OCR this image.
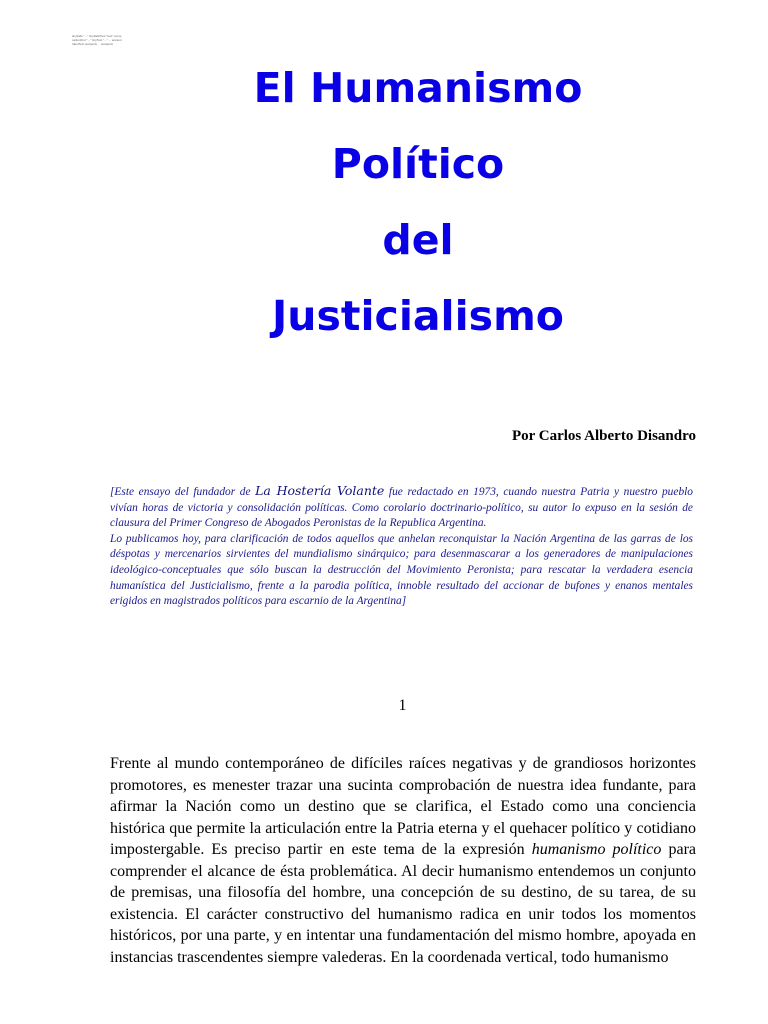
tinyItalic "..." tinyItalicText "text" compositionFmt "..." tinyText "..." ... ancientIdentText text(end) ... text(end)
El Humanismo
Político
del
Justicialismo
Por Carlos Alberto Disandro

[Este ensayo del fundador de La Hostería Volante fue redactado en 1973, cuando nuestra Patria y nuestro pueblo vivían horas de victoria y consolidación políticas. Como corolario doctrinario-político, su autor lo expuso en la sesión de clausura del Primer Congreso de Abogados Peronistas de la Republica Argentina.

Lo publicamos hoy, para clarificación de todos aquellos que anhelan reconquistar la Nación Argentina de las garras de los déspotas y mercenarios sirvientes del mundialismo sinárquico; para desenmascarar a los generadores de manipulaciones ideológico-conceptuales que sólo buscan la destrucción del Movimiento Peronista; para rescatar la verdadera esencia humanística del Justicialismo, frente a la parodia política, innoble resultado del accionar de bufones y enanos mentales erigidos en magistrados políticos para escarnio de la Argentina]

1

Frente al mundo contemporáneo de difíciles raíces negativas y de grandiosos horizontes promotores, es menester trazar una sucinta comprobación de nuestra idea fundante, para afirmar la Nación como un destino que se clarifica, el Estado como una conciencia histórica que permite la articulación entre la Patria eterna y el quehacer político y cotidiano impostergable. Es preciso partir en este tema de la expresión humanismo político para comprender el alcance de ésta problemática. Al decir humanismo entendemos un conjunto de premisas, una filosofía del hombre, una concepción de su destino, de su tarea, de su existencia. El carácter constructivo del humanismo radica en unir todos los momentos históricos, por una parte, y en intentar una fundamentación del mismo hombre, apoyada en instancias trascendentes siempre valederas. En la coordenada vertical, todo humanismo
